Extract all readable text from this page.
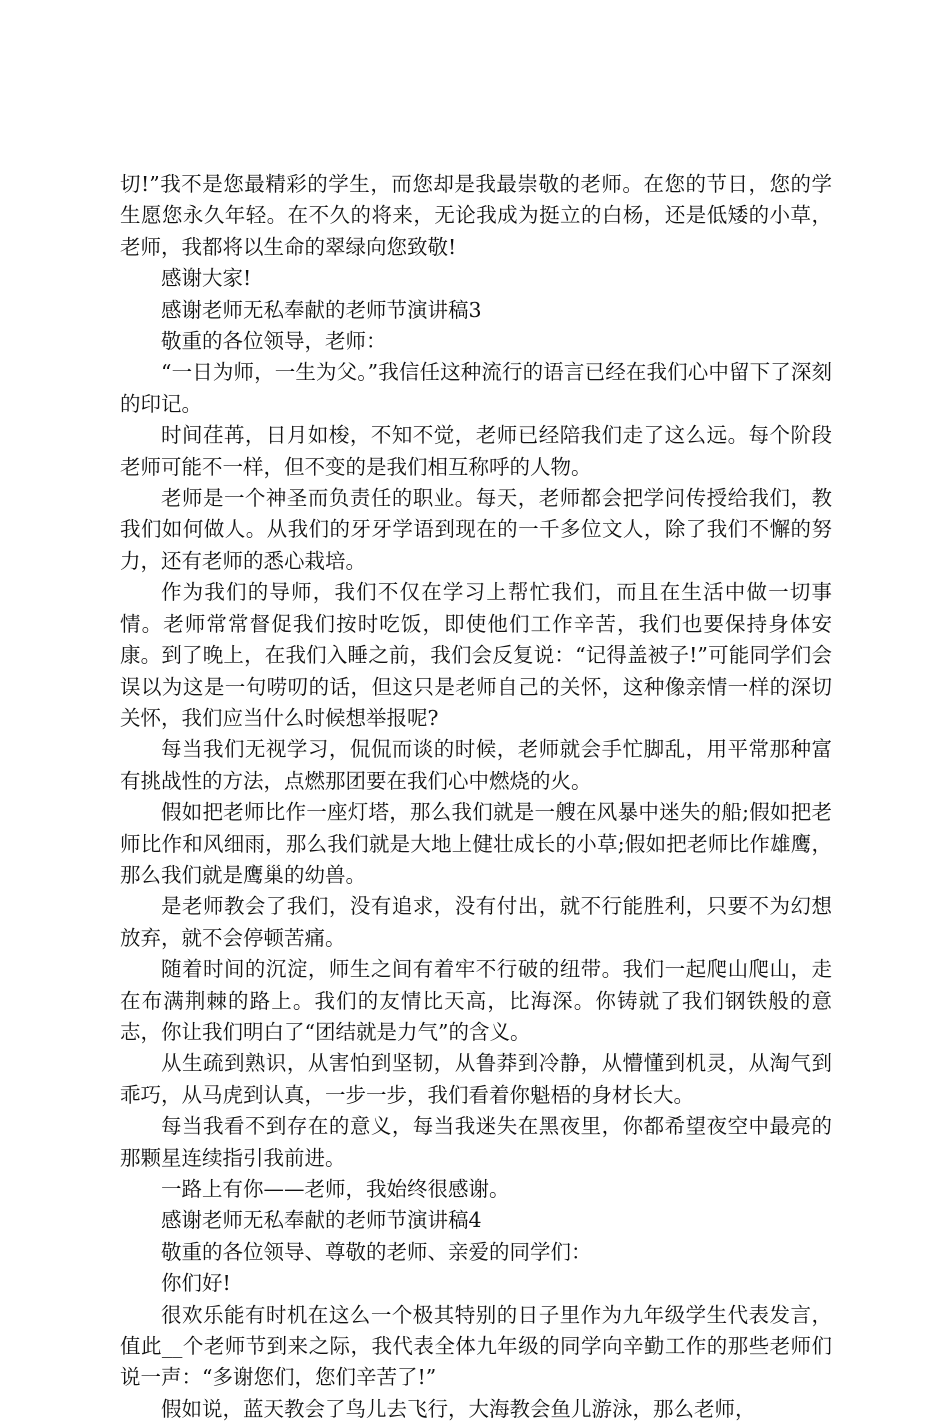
切!”我不是您最精彩的学生，而您却是我最崇敬的老师。在您的节日，您的学生愿您永久年轻。在不久的将来，无论我成为挺立的白杨，还是低矮的小草，老师，我都将以生命的翠绿向您致敬!

感谢大家!

感谢老师无私奉献的老师节演讲稿3

敬重的各位领导，老师：

“一日为师，一生为父。”我信任这种流行的语言已经在我们心中留下了深刻的印记。

时间荏苒，日月如梭，不知不觉，老师已经陪我们走了这么远。每个阶段老师可能不一样，但不变的是我们相互称呼的人物。

老师是一个神圣而负责任的职业。每天，老师都会把学问传授给我们，教我们如何做人。从我们的牙牙学语到现在的一千多位文人，除了我们不懈的努力，还有老师的悉心栽培。

作为我们的导师，我们不仅在学习上帮忙我们，而且在生活中做一切事情。老师常常督促我们按时吃饭，即使他们工作辛苦，我们也要保持身体安康。到了晚上，在我们入睡之前，我们会反复说：“记得盖被子!”可能同学们会误以为这是一句唠叨的话，但这只是老师自己的关怀，这种像亲情一样的深切关怀，我们应当什么时候想举报呢?

每当我们无视学习，侃侃而谈的时候，老师就会手忙脚乱，用平常那种富有挑战性的方法，点燃那团要在我们心中燃烧的火。

假如把老师比作一座灯塔，那么我们就是一艘在风暴中迷失的船;假如把老师比作和风细雨，那么我们就是大地上健壮成长的小草;假如把老师比作雄鹰，那么我们就是鹰巢的幼兽。

是老师教会了我们，没有追求，没有付出，就不行能胜利，只要不为幻想放弃，就不会停顿苦痛。

随着时间的沉淀，师生之间有着牢不行破的纽带。我们一起爬山爬山，走在布满荆棘的路上。我们的友情比天高，比海深。你铸就了我们钢铁般的意志，你让我们明白了“团结就是力气”的含义。

从生疏到熟识，从害怕到坚韧，从鲁莽到冷静，从懵懂到机灵，从淘气到乖巧，从马虎到认真，一步一步，我们看着你魁梧的身材长大。

每当我看不到存在的意义，每当我迷失在黑夜里，你都希望夜空中最亮的那颗星连续指引我前进。

一路上有你——老师，我始终很感谢。

感谢老师无私奉献的老师节演讲稿4

敬重的各位领导、尊敬的老师、亲爱的同学们：

你们好!

很欢乐能有时机在这么一个极其特别的日子里作为九年级学生代表发言，值此__个老师节到来之际，我代表全体九年级的同学向辛勤工作的那些老师们说一声：“多谢您们，您们辛苦了!”

假如说，蓝天教会了鸟儿去飞行，大海教会鱼儿游泳，那么老师，
